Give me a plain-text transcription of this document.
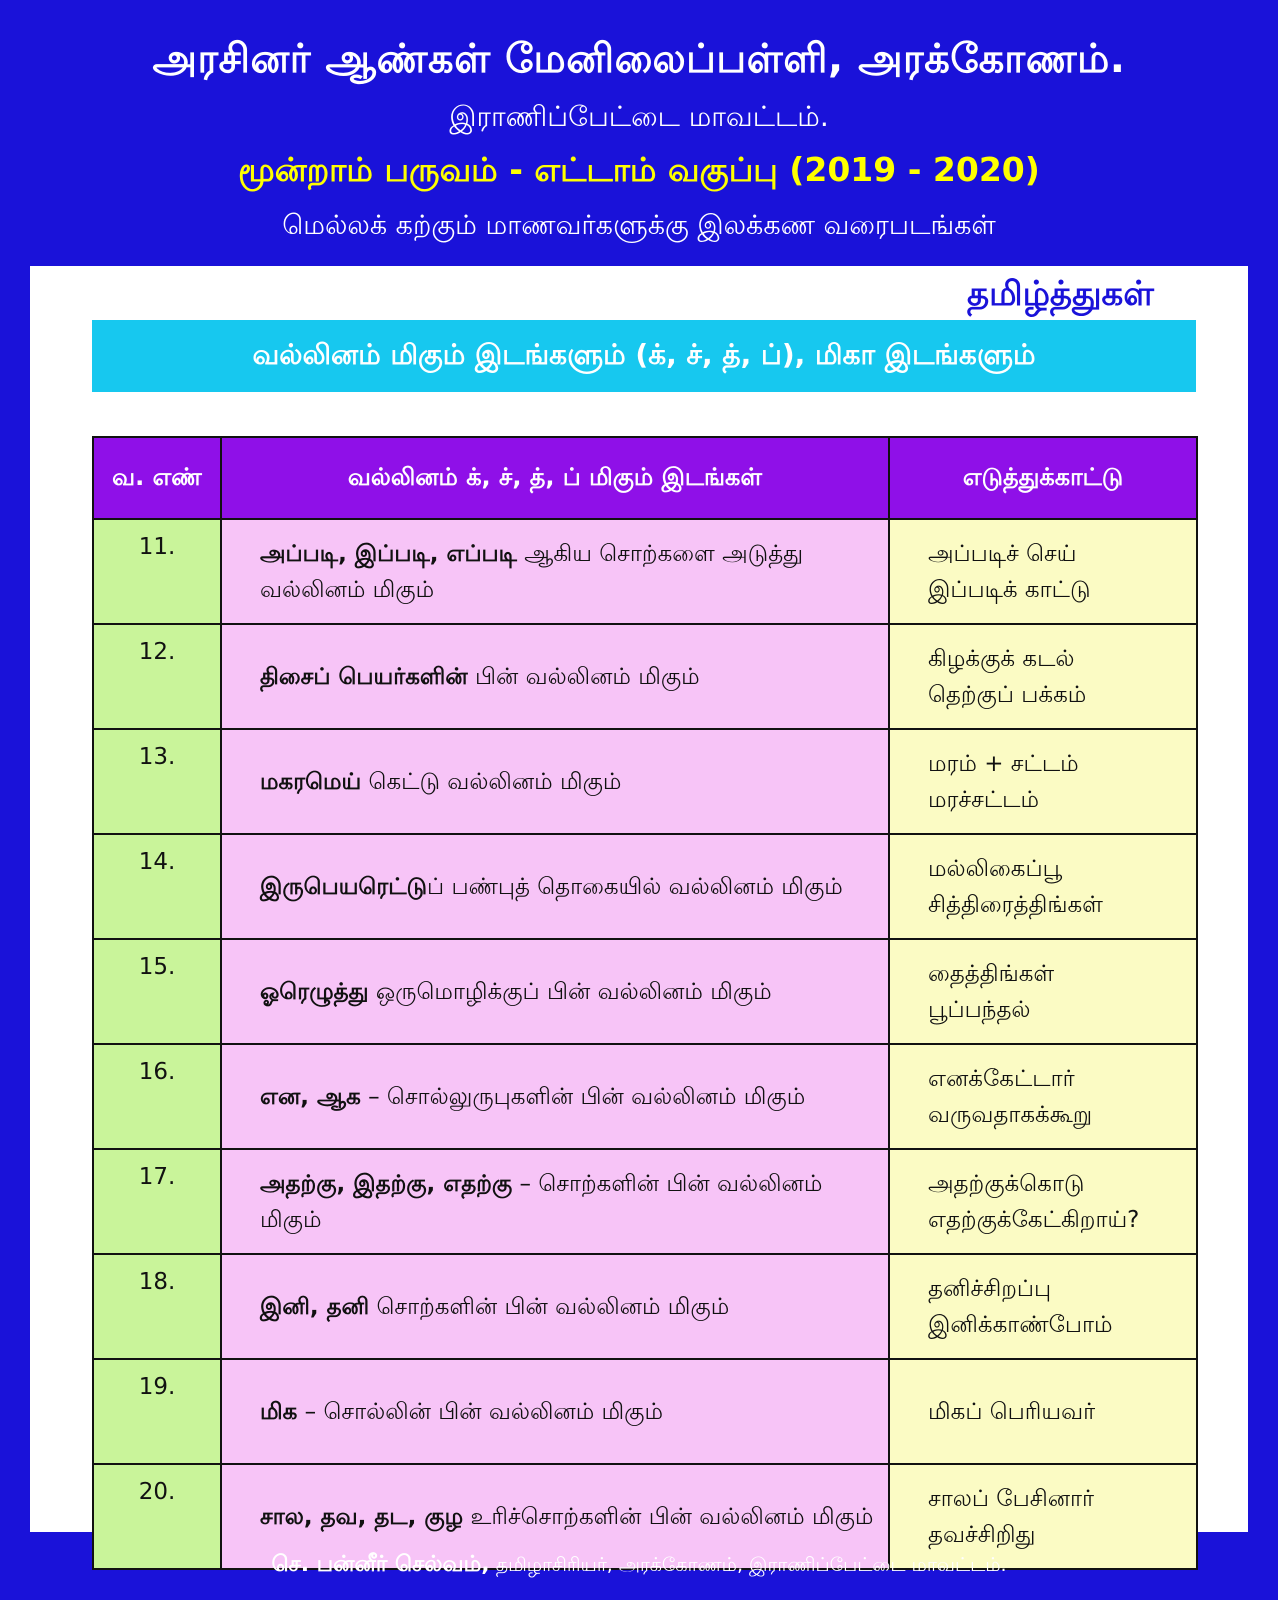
அரசினர் ஆண்கள் மேனிலைப்பள்ளி, அரக்கோணம்.
இராணிப்பேட்டை மாவட்டம்.
மூன்றாம் பருவம் - எட்டாம் வகுப்பு (2019 - 2020)
மெல்லக் கற்கும் மாணவர்களுக்கு இலக்கண வரைபடங்கள்
தமிழ்த்துகள்
வல்லினம் மிகும் இடங்களும் (க், ச், த், ப்), மிகா இடங்களும்
வ. எண்	வல்லினம் க், ச், த், ப் மிகும் இடங்கள்	எடுத்துக்காட்டு
11.	அப்படி, இப்படி, எப்படி ஆகிய சொற்களை அடுத்து வல்லினம் மிகும்	அப்படிச் செய்
இப்படிக் காட்டு

12.	திசைப் பெயர்களின் பின் வல்லினம் மிகும்	கிழக்குக் கடல்
தெற்குப் பக்கம்

13.	மகரமெய் கெட்டு வல்லினம் மிகும்	மரம் + சட்டம்
மரச்சட்டம்

14.	இருபெயரெட்டுப் பண்புத் தொகையில் வல்லினம் மிகும்	மல்லிகைப்பூ
சித்திரைத்திங்கள்

15.	ஓரெழுத்து ஒருமொழிக்குப் பின் வல்லினம் மிகும்	தைத்திங்கள்
பூப்பந்தல்

16.	என, ஆக – சொல்லுருபுகளின் பின் வல்லினம் மிகும்	எனக்கேட்டார்
வருவதாகக்கூறு

17.	அதற்கு, இதற்கு, எதற்கு – சொற்களின் பின் வல்லினம் மிகும்	அதற்குக்கொடு
எதற்குக்கேட்கிறாய்?

18.	இனி, தனி சொற்களின் பின் வல்லினம் மிகும்	தனிச்சிறப்பு
இனிக்காண்போம்

19.	மிக – சொல்லின் பின் வல்லினம் மிகும்	மிகப் பெரியவர்

20.	சால, தவ, தட, குழ உரிச்சொற்களின் பின் வல்லினம் மிகும்	சாலப் பேசினார்
தவச்சிறிது
செ. பன்னீர் செல்வம், தமிழாசிரியர், அரக்கோணம், இராணிப்பேட்டை மாவட்டம்.
